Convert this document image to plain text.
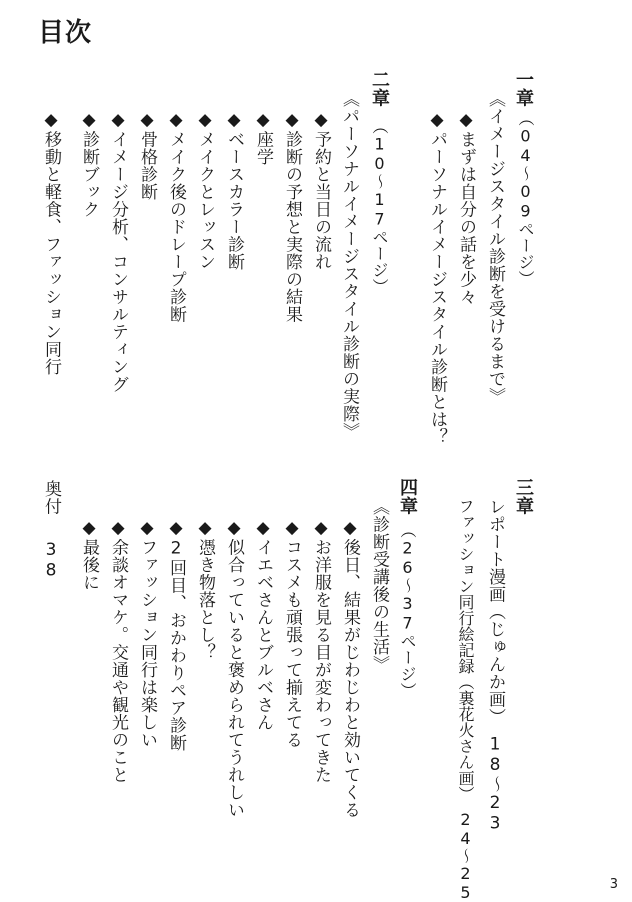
目次
一章
（04〜09ページ）
《イメージスタイル診断を受けるまで》
◆まずは自分の話を少々
◆パーソナルイメージスタイル診断とは？
二章
（10〜17ページ）
《パーソナルイメージスタイル診断の実際》
◆予約と当日の流れ
◆診断の予想と実際の結果
◆座学
◆ベースカラー診断
◆メイクとレッスン
◆メイク後のドレープ診断
◆骨格診断
◆イメージ分析、コンサルティング
◆診断ブック
◆移動と軽食、ファッション同行
三章
レポート漫画（じゅんか画）　18〜23
ファッション同行絵記録（裏花火さん画）　24〜25
四章
（26〜37ページ）
《診断受講後の生活》
◆後日、結果がじわじわと効いてくる
◆お洋服を見る目が変わってきた
◆コスメも頑張って揃えてる
◆イエベさんとブルベさん
◆似合っていると褒められてうれしい
◆憑き物落とし？
◆2回目、おかわりペア診断
◆ファッション同行は楽しい
◆余談オマケ。交通や観光のこと
◆最後に
奥付
38
3
